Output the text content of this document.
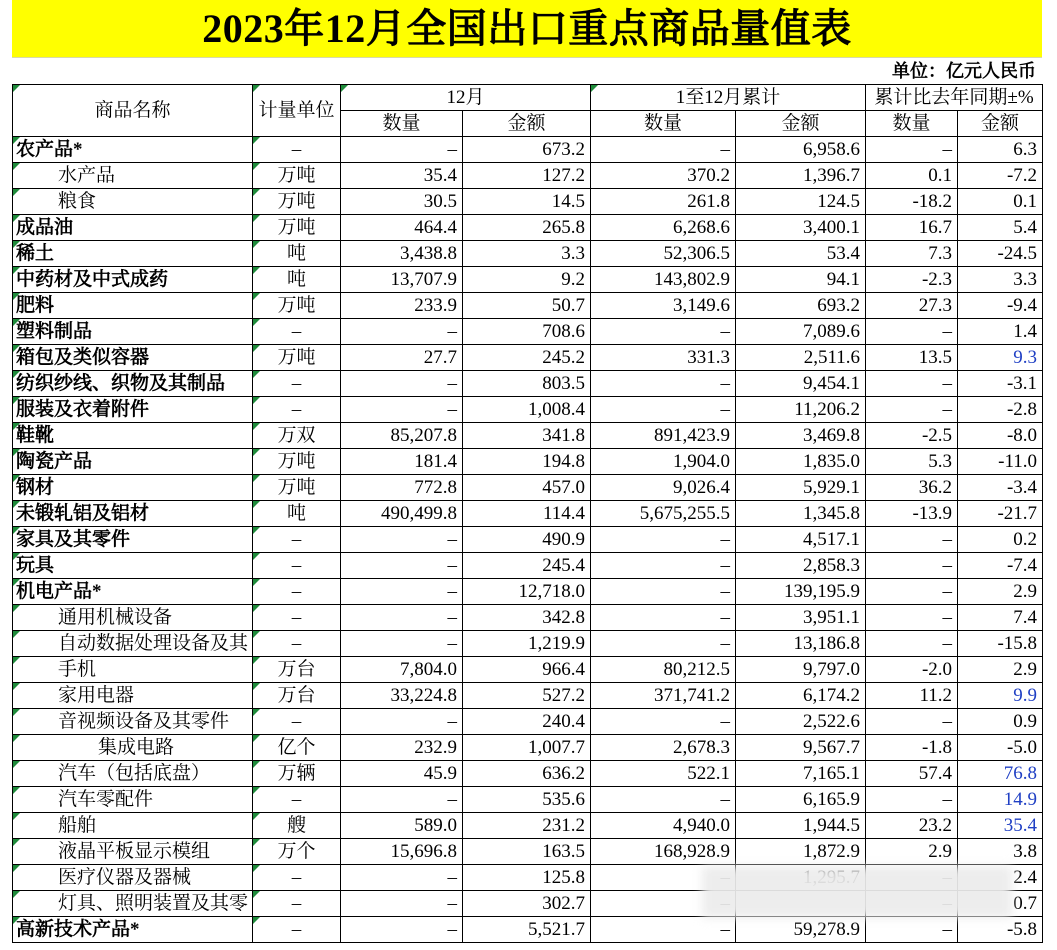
2023年12月全国出口重点商品量值表
单位：亿元人民币
商品名称	计量单位	12月		1至12月累计		累计比去年同期±%	
		数量	金额	数量	金额	数量	金额
农产品*	–	–	673.2	–	6,958.6	–	6.3
水产品	万吨	35.4	127.2	370.2	1,396.7	0.1	-7.2
粮食	万吨	30.5	14.5	261.8	124.5	-18.2	0.1
成品油	万吨	464.4	265.8	6,268.6	3,400.1	16.7	5.4
稀土	吨	3,438.8	3.3	52,306.5	53.4	7.3	-24.5
中药材及中式成药	吨	13,707.9	9.2	143,802.9	94.1	-2.3	3.3
肥料	万吨	233.9	50.7	3,149.6	693.2	27.3	-9.4
塑料制品	–	–	708.6	–	7,089.6	–	1.4
箱包及类似容器	万吨	27.7	245.2	331.3	2,511.6	13.5	9.3
纺织纱线、织物及其制品	–	–	803.5	–	9,454.1	–	-3.1
服装及衣着附件	–	–	1,008.4	–	11,206.2	–	-2.8
鞋靴	万双	85,207.8	341.8	891,423.9	3,469.8	-2.5	-8.0
陶瓷产品	万吨	181.4	194.8	1,904.0	1,835.0	5.3	-11.0
钢材	万吨	772.8	457.0	9,026.4	5,929.1	36.2	-3.4
未锻轧铝及铝材	吨	490,499.8	114.4	5,675,255.5	1,345.8	-13.9	-21.7
家具及其零件	–	–	490.9	–	4,517.1	–	0.2
玩具	–	–	245.4	–	2,858.3	–	-7.4
机电产品*	–	–	12,718.0	–	139,195.9	–	2.9
通用机械设备	–	–	342.8	–	3,951.1	–	7.4
自动数据处理设备及其	–	–	1,219.9	–	13,186.8	–	-15.8
手机	万台	7,804.0	966.4	80,212.5	9,797.0	-2.0	2.9
家用电器	万台	33,224.8	527.2	371,741.2	6,174.2	11.2	9.9
音视频设备及其零件	–	–	240.4	–	2,522.6	–	0.9
集成电路	亿个	232.9	1,007.7	2,678.3	9,567.7	-1.8	-5.0
汽车（包括底盘）	万辆	45.9	636.2	522.1	7,165.1	57.4	76.8
汽车零配件	–	–	535.6	–	6,165.9	–	14.9
船舶	艘	589.0	231.2	4,940.0	1,944.5	23.2	35.4
液晶平板显示模组	万个	15,696.8	163.5	168,928.9	1,872.9	2.9	3.8
医疗仪器及器械	–	–	125.8				2.4
灯具、照明装置及其零	–	–	302.7				0.7
高新技术产品*	–	–	5,521.7	–	59,278.9	–	-5.8
